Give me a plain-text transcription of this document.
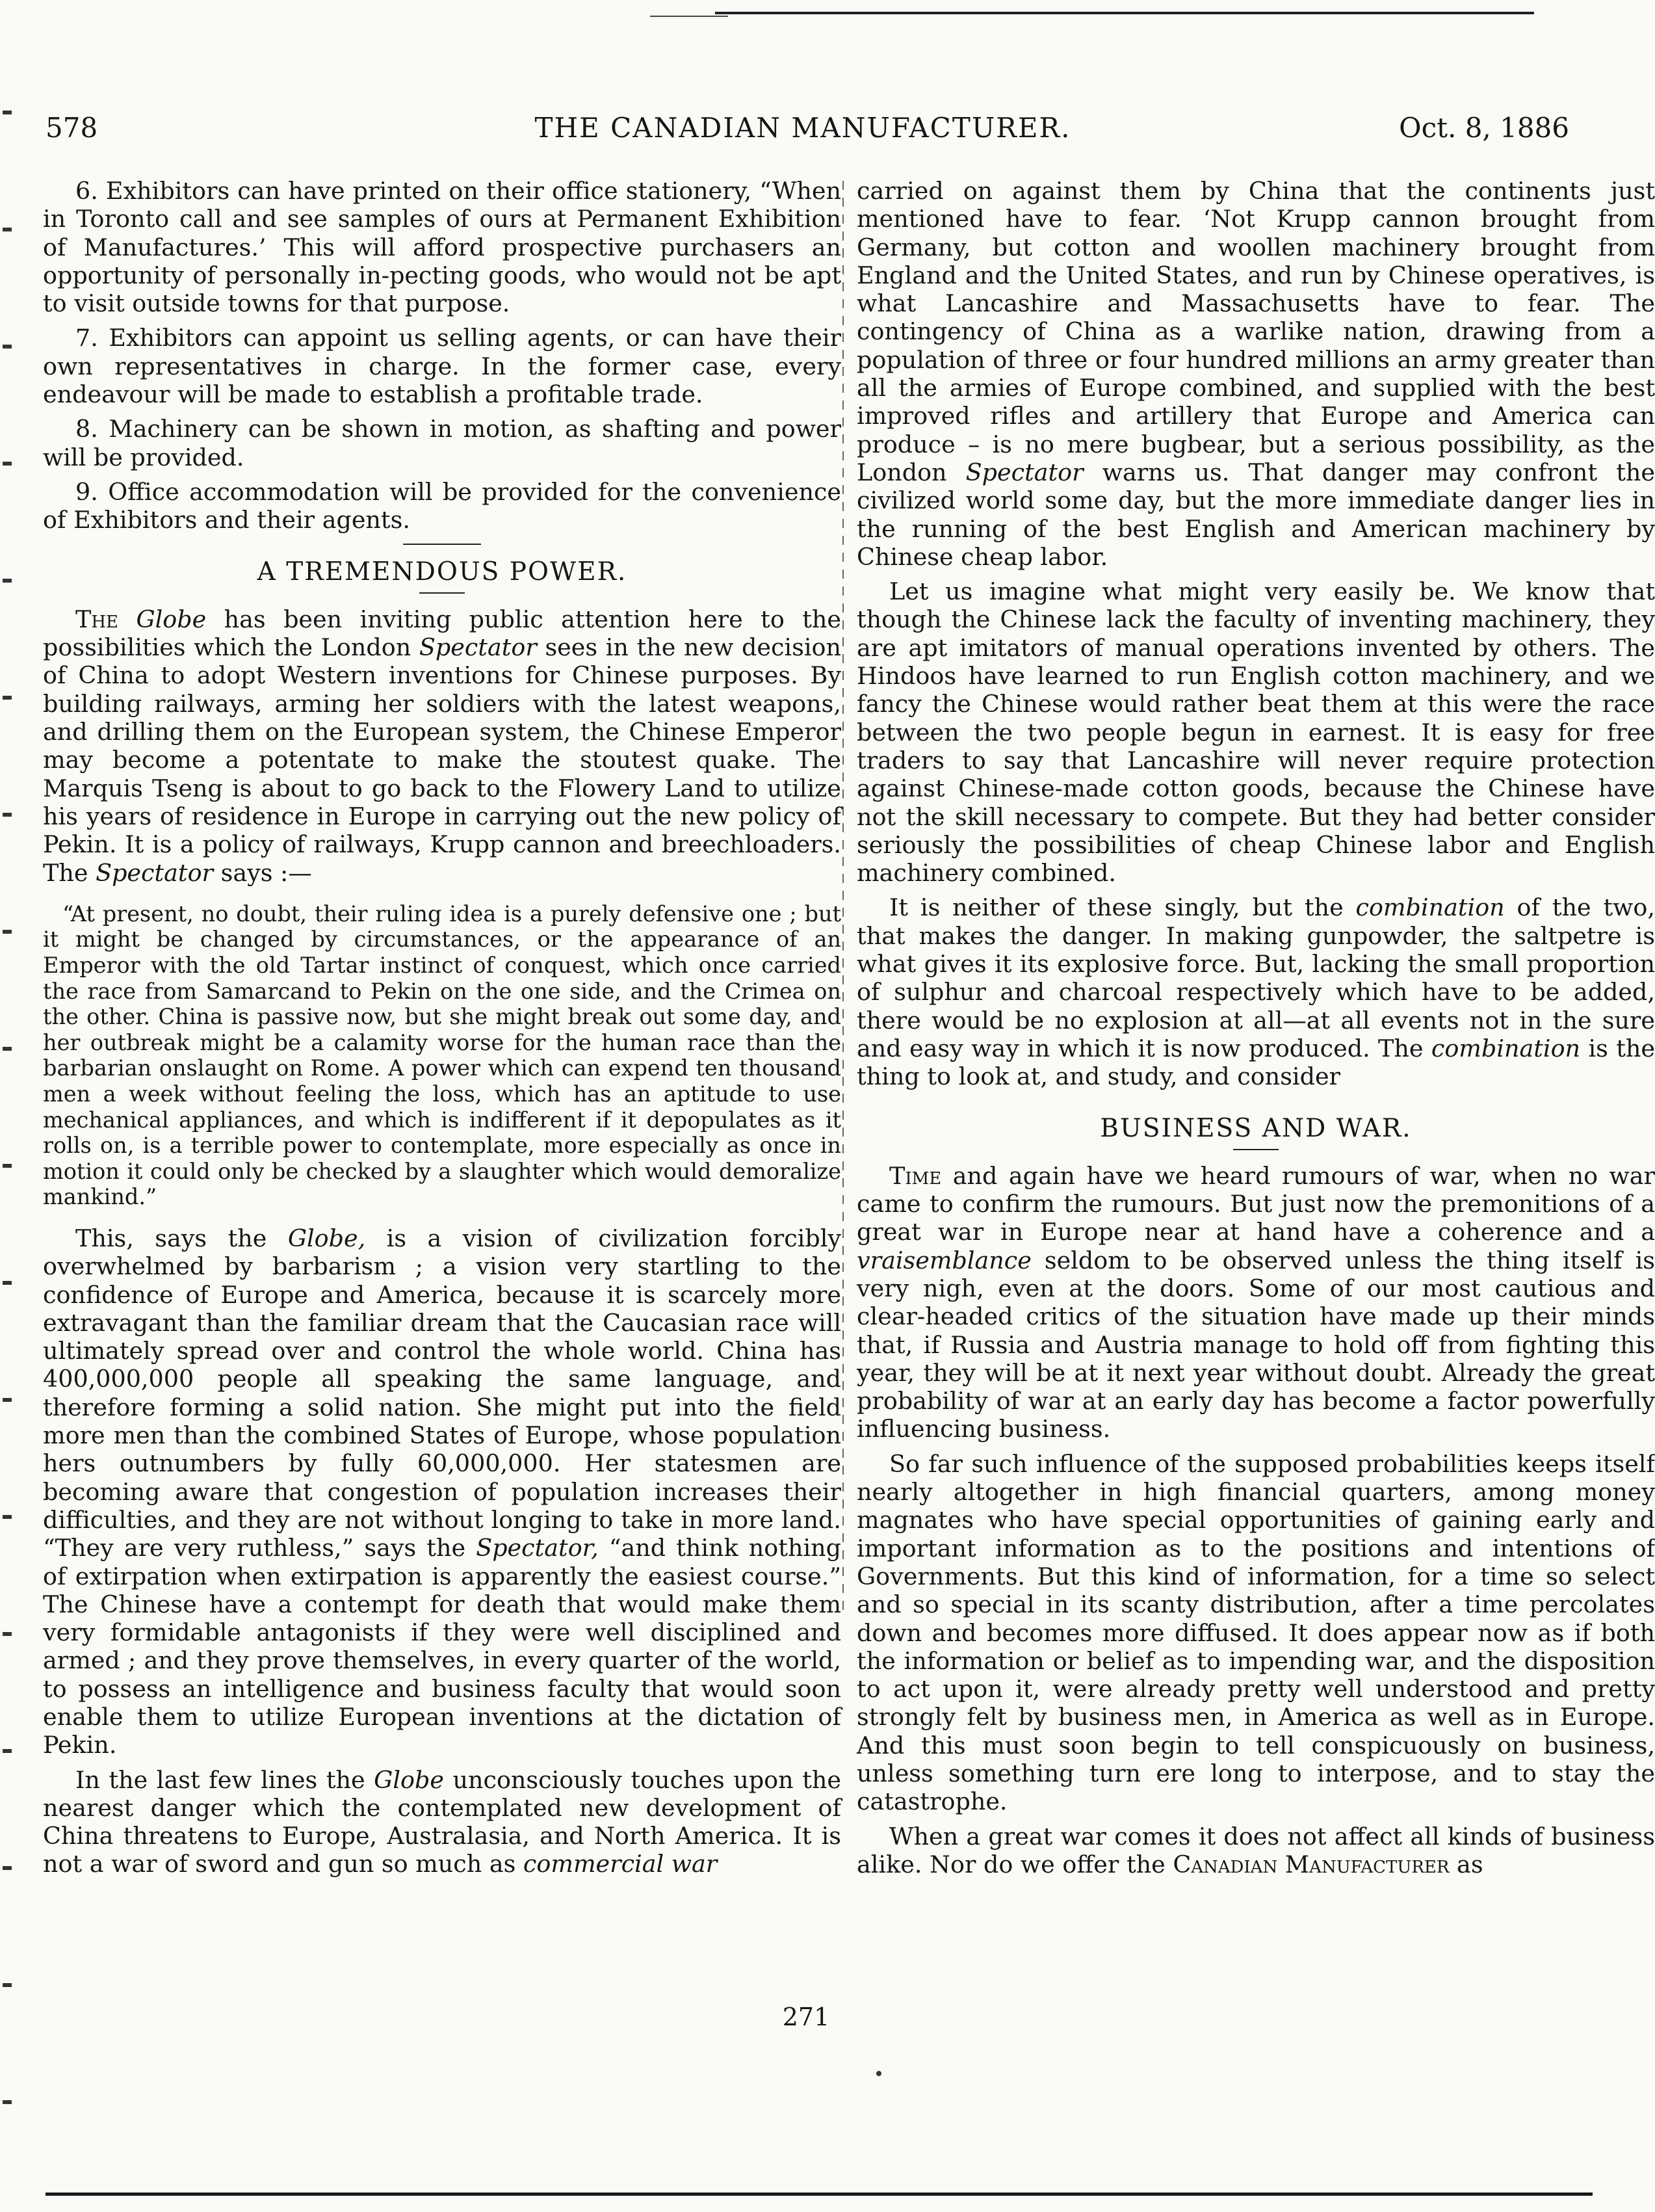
578	THE CANADIAN MANUFACTURER.	Oct. 8, 1886

6. Exhibitors can have printed on their office stationery, “When in Toronto call and see samples of ours at Permanent Exhibition of Manufactures.’ This will afford prospective purchasers an opportunity of personally in-pecting goods, who would not be apt to visit outside towns for that purpose.

7. Exhibitors can appoint us selling agents, or can have their own representatives in charge. In the former case, every endeavour will be made to establish a profitable trade.

8. Machinery can be shown in motion, as shafting and power will be provided.

9. Office accommodation will be provided for the convenience of Exhibitors and their agents.

A TREMENDOUS POWER.

The Globe has been inviting public attention here to the possibilities which the London Spectator sees in the new decision of China to adopt Western inventions for Chinese purposes. By building railways, arming her soldiers with the latest weapons, and drilling them on the European system, the Chinese Emperor may become a potentate to make the stoutest quake. The Marquis Tseng is about to go back to the Flowery Land to utilize his years of residence in Europe in carrying out the new policy of Pekin. It is a policy of railways, Krupp cannon and breechloaders. The Spectator says :—

“At present, no doubt, their ruling idea is a purely defensive one ; but it might be changed by circumstances, or the appearance of an Emperor with the old Tartar instinct of conquest, which once carried the race from Samarcand to Pekin on the one side, and the Crimea on the other. China is passive now, but she might break out some day, and her outbreak might be a calamity worse for the human race than the barbarian onslaught on Rome. A power which can expend ten thousand men a week without feeling the loss, which has an aptitude to use mechanical appliances, and which is indifferent if it depopulates as it rolls on, is a terrible power to contemplate, more especially as once in motion it could only be checked by a slaughter which would demoralize mankind.”

This, says the Globe, is a vision of civilization forcibly overwhelmed by barbarism ; a vision very startling to the confidence of Europe and America, because it is scarcely more extravagant than the familiar dream that the Caucasian race will ultimately spread over and control the whole world. China has 400,000,000 people all speaking the same language, and therefore forming a solid nation. She might put into the field more men than the combined States of Europe, whose population hers outnumbers by fully 60,000,000. Her statesmen are becoming aware that congestion of population increases their difficulties, and they are not without longing to take in more land. “They are very ruthless,” says the Spectator, “and think nothing of extirpation when extirpation is apparently the easiest course.” The Chinese have a contempt for death that would make them very formidable antagonists if they were well disciplined and armed ; and they prove themselves, in every quarter of the world, to possess an intelligence and business faculty that would soon enable them to utilize European inventions at the dictation of Pekin.

In the last few lines the Globe unconsciously touches upon the nearest danger which the contemplated new development of China threatens to Europe, Australasia, and North America. It is not a war of sword and gun so much as commercial war

carried on against them by China that the continents just mentioned have to fear. ‘Not Krupp cannon brought from Germany, but cotton and woollen machinery brought from England and the United States, and run by Chinese operatives, is what Lancashire and Massachusetts have to fear. The contingency of China as a warlike nation, drawing from a population of three or four hundred millions an army greater than all the armies of Europe combined, and supplied with the best improved rifles and artillery that Europe and America can produce – is no mere bugbear, but a serious possibility, as the London Spectator warns us. That danger may confront the civilized world some day, but the more immediate danger lies in the running of the best English and American machinery by Chinese cheap labor.

Let us imagine what might very easily be. We know that though the Chinese lack the faculty of inventing machinery, they are apt imitators of manual operations invented by others. The Hindoos have learned to run English cotton machinery, and we fancy the Chinese would rather beat them at this were the race between the two people begun in earnest. It is easy for free traders to say that Lancashire will never require protection against Chinese-made cotton goods, because the Chinese have not the skill necessary to compete. But they had better consider seriously the possibilities of cheap Chinese labor and English machinery combined.

It is neither of these singly, but the combination of the two, that makes the danger. In making gunpowder, the saltpetre is what gives it its explosive force. But, lacking the small proportion of sulphur and charcoal respectively which have to be added, there would be no explosion at all—at all events not in the sure and easy way in which it is now produced. The combination is the thing to look at, and study, and consider

BUSINESS AND WAR.

Time and again have we heard rumours of war, when no war came to confirm the rumours. But just now the premonitions of a great war in Europe near at hand have a coherence and a vraisemblance seldom to be observed unless the thing itself is very nigh, even at the doors. Some of our most cautious and clear-headed critics of the situation have made up their minds that, if Russia and Austria manage to hold off from fighting this year, they will be at it next year without doubt. Already the great probability of war at an early day has become a factor powerfully influencing business.

So far such influence of the supposed probabilities keeps itself nearly altogether in high financial quarters, among money magnates who have special opportunities of gaining early and important information as to the positions and intentions of Governments. But this kind of information, for a time so select and so special in its scanty distribution, after a time percolates down and becomes more diffused. It does appear now as if both the information or belief as to impending war, and the disposition to act upon it, were already pretty well understood and pretty strongly felt by business men, in America as well as in Europe. And this must soon begin to tell conspicuously on business, unless something turn ere long to interpose, and to stay the catastrophe.

When a great war comes it does not affect all kinds of business alike. Nor do we offer the Canadian Manufacturer as

271
